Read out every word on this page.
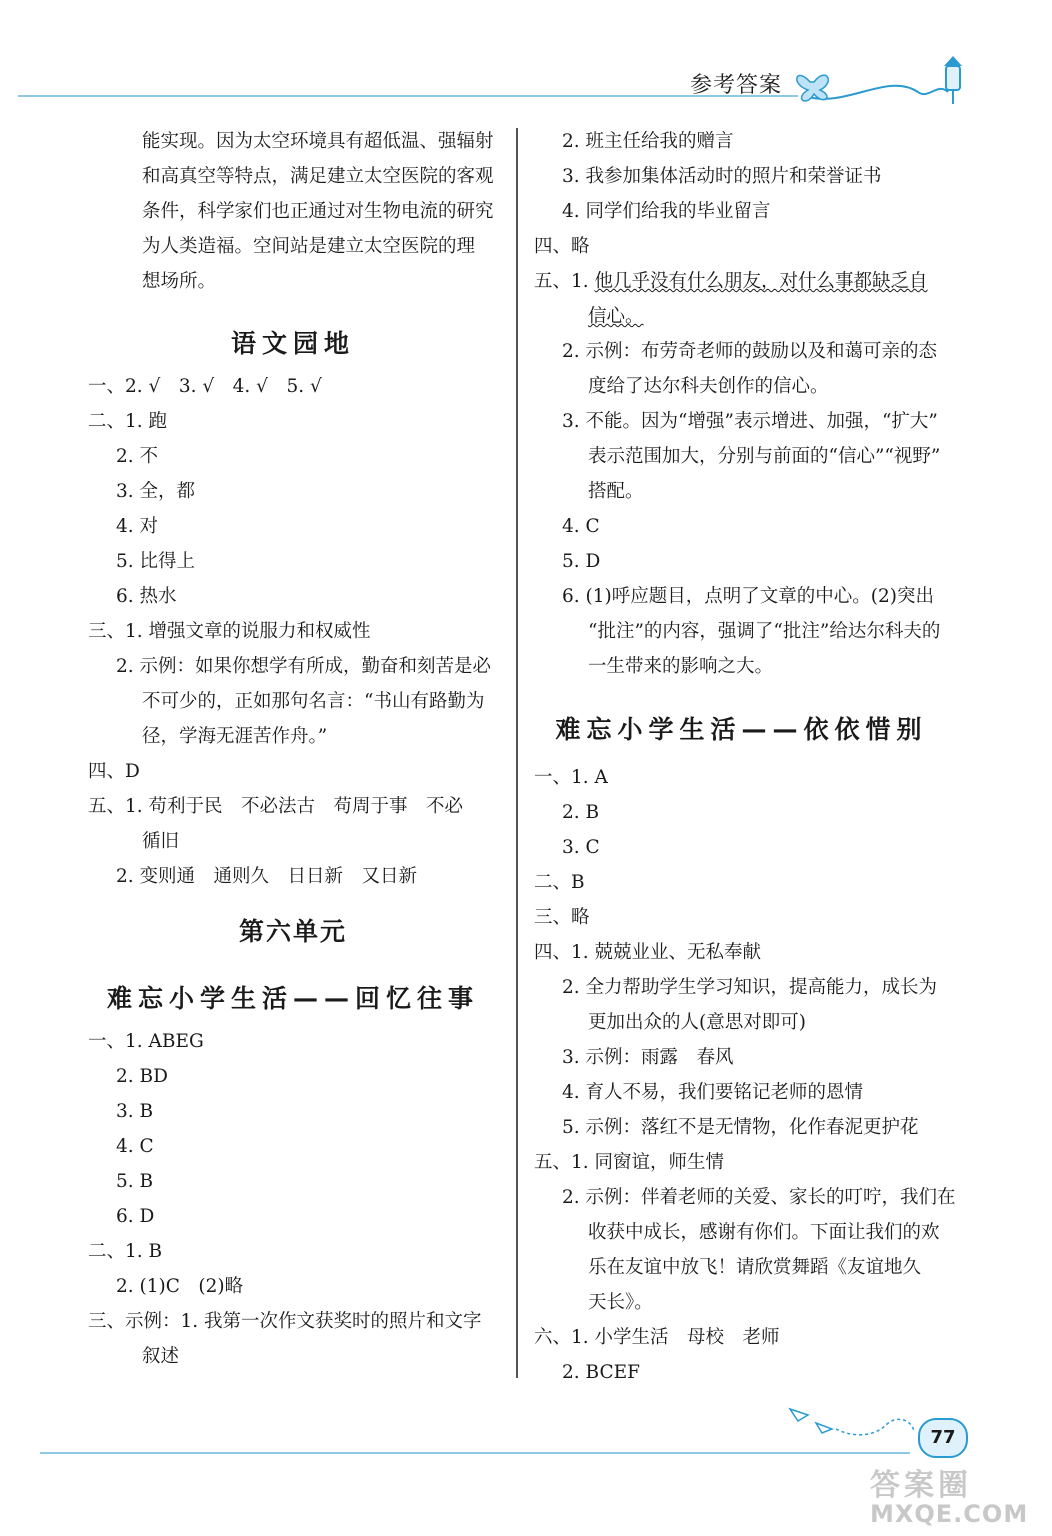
参考答案
能实现。因为太空环境具有超低温、强辐射
和高真空等特点，满足建立太空医院的客观
条件，科学家们也正通过对生物电流的研究
为人类造福。空间站是建立太空医院的理
想场所。
语文园地
一、2. √　3. √　4. √　5. √
二、1. 跑
2. 不
3. 全，都
4. 对
5. 比得上
6. 热水
三、1. 增强文章的说服力和权威性
2. 示例：如果你想学有所成，勤奋和刻苦是必
不可少的，正如那句名言：“书山有路勤为
径，学海无涯苦作舟。”
四、D
五、1. 苟利于民　不必法古　苟周于事　不必
循旧
2. 变则通　通则久　日日新　又日新
第六单元
难忘小学生活——回忆往事
一、1. ABEG
2. BD
3. B
4. C
5. B
6. D
二、1. B
2. (1)C　(2)略
三、示例：1. 我第一次作文获奖时的照片和文字
叙述
2. 班主任给我的赠言
3. 我参加集体活动时的照片和荣誉证书
4. 同学们给我的毕业留言
四、略
五、1. 他几乎没有什么朋友，对什么事都缺乏自
信心。
2. 示例：布劳奇老师的鼓励以及和蔼可亲的态
度给了达尔科夫创作的信心。
3. 不能。因为“增强”表示增进、加强，“扩大”
表示范围加大，分别与前面的“信心”“视野”
搭配。
4. C
5. D
6. (1)呼应题目，点明了文章的中心。(2)突出
“批注”的内容，强调了“批注”给达尔科夫的
一生带来的影响之大。
难忘小学生活——依依惜别
一、1. A
2. B
3. C
二、B
三、略
四、1. 兢兢业业、无私奉献
2. 全力帮助学生学习知识，提高能力，成长为
更加出众的人(意思对即可)
3. 示例：雨露　春风
4. 育人不易，我们要铭记老师的恩情
5. 示例：落红不是无情物，化作春泥更护花
五、1. 同窗谊，师生情
2. 示例：伴着老师的关爱、家长的叮咛，我们在
收获中成长，感谢有你们。下面让我们的欢
乐在友谊中放飞！请欣赏舞蹈《友谊地久
天长》。
六、1. 小学生活　母校　老师
2. BCEF
77
答案圈
MXQE.COM
